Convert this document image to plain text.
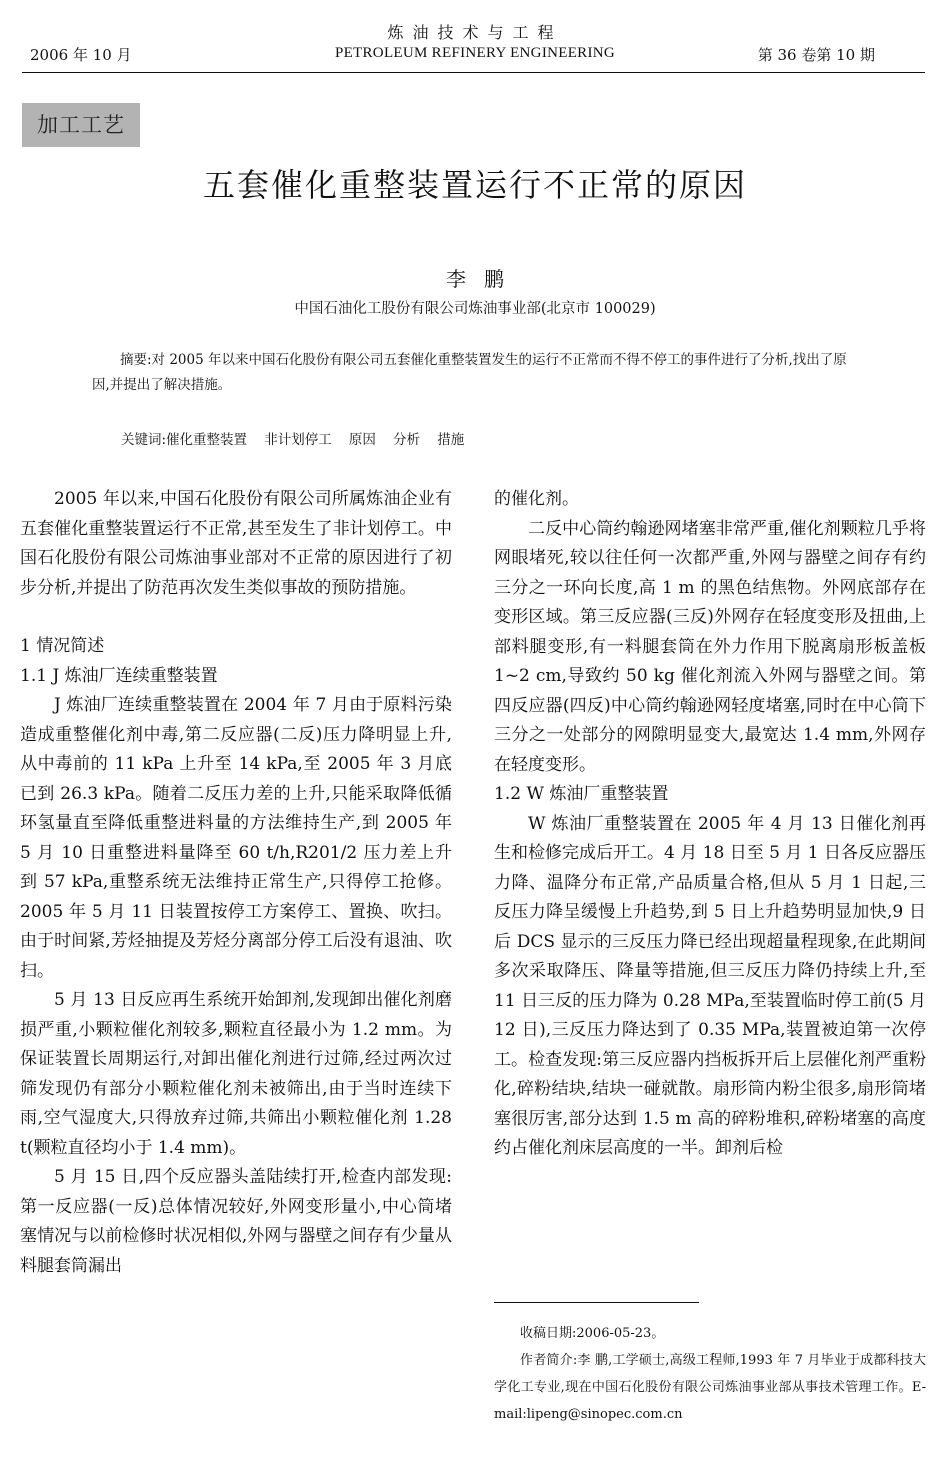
炼油技术与工程
2006 年 10 月	PETROLEUM REFINERY ENGINEERING	第 36 卷第 10 期
加工工艺
五套催化重整装置运行不正常的原因
李鹏
中国石油化工股份有限公司炼油事业部(北京市 100029)
摘要:对 2005 年以来中国石化股份有限公司五套催化重整装置发生的运行不正常而不得不停工的事件进行了分析,找出了原因,并提出了解决措施。
关键词:催化重整装置    非计划停工    原因    分析    措施

2005 年以来,中国石化股份有限公司所属炼油企业有五套催化重整装置运行不正常,甚至发生了非计划停工。中国石化股份有限公司炼油事业部对不正常的原因进行了初步分析,并提出了防范再次发生类似事故的预防措施。

1 情况简述

1.1 J 炼油厂连续重整装置

J 炼油厂连续重整装置在 2004 年 7 月由于原料污染造成重整催化剂中毒,第二反应器(二反)压力降明显上升,从中毒前的 11 kPa 上升至 14 kPa,至 2005 年 3 月底已到 26.3 kPa。随着二反压力差的上升,只能采取降低循环氢量直至降低重整进料量的方法维持生产,到 2005 年 5 月 10 日重整进料量降至 60 t/h,R201/2 压力差上升到 57 kPa,重整系统无法维持正常生产,只得停工抢修。2005 年 5 月 11 日装置按停工方案停工、置换、吹扫。由于时间紧,芳烃抽提及芳烃分离部分停工后没有退油、吹扫。

5 月 13 日反应再生系统开始卸剂,发现卸出催化剂磨损严重,小颗粒催化剂较多,颗粒直径最小为 1.2 mm。为保证装置长周期运行,对卸出催化剂进行过筛,经过两次过筛发现仍有部分小颗粒催化剂未被筛出,由于当时连续下雨,空气湿度大,只得放弃过筛,共筛出小颗粒催化剂 1.28 t(颗粒直径均小于 1.4 mm)。

5 月 15 日,四个反应器头盖陆续打开,检查内部发现:第一反应器(一反)总体情况较好,外网变形量小,中心筒堵塞情况与以前检修时状况相似,外网与器壁之间存有少量从料腿套筒漏出

的催化剂。

二反中心筒约翰逊网堵塞非常严重,催化剂颗粒几乎将网眼堵死,较以往任何一次都严重,外网与器壁之间存有约三分之一环向长度,高 1 m 的黑色结焦物。外网底部存在变形区域。第三反应器(三反)外网存在轻度变形及扭曲,上部料腿变形,有一料腿套筒在外力作用下脱离扇形板盖板 1~2 cm,导致约 50 kg 催化剂流入外网与器壁之间。第四反应器(四反)中心筒约翰逊网轻度堵塞,同时在中心筒下三分之一处部分的网隙明显变大,最宽达 1.4 mm,外网存在轻度变形。

1.2 W 炼油厂重整装置

W 炼油厂重整装置在 2005 年 4 月 13 日催化剂再生和检修完成后开工。4 月 18 日至 5 月 1 日各反应器压力降、温降分布正常,产品质量合格,但从 5 月 1 日起,三反压力降呈缓慢上升趋势,到 5 日上升趋势明显加快,9 日后 DCS 显示的三反压力降已经出现超量程现象,在此期间多次采取降压、降量等措施,但三反压力降仍持续上升,至 11 日三反的压力降为 0.28 MPa,至装置临时停工前(5 月 12 日),三反压力降达到了 0.35 MPa,装置被迫第一次停工。检查发现:第三反应器内挡板拆开后上层催化剂严重粉化,碎粉结块,结块一碰就散。扇形筒内粉尘很多,扇形筒堵塞很厉害,部分达到 1.5 m 高的碎粉堆积,碎粉堵塞的高度约占催化剂床层高度的一半。卸剂后检

收稿日期:2006-05-23。

作者简介:李 鹏,工学硕士,高级工程师,1993 年 7 月毕业于成都科技大学化工专业,现在中国石化股份有限公司炼油事业部从事技术管理工作。E-mail:lipeng@sinopec.com.cn
